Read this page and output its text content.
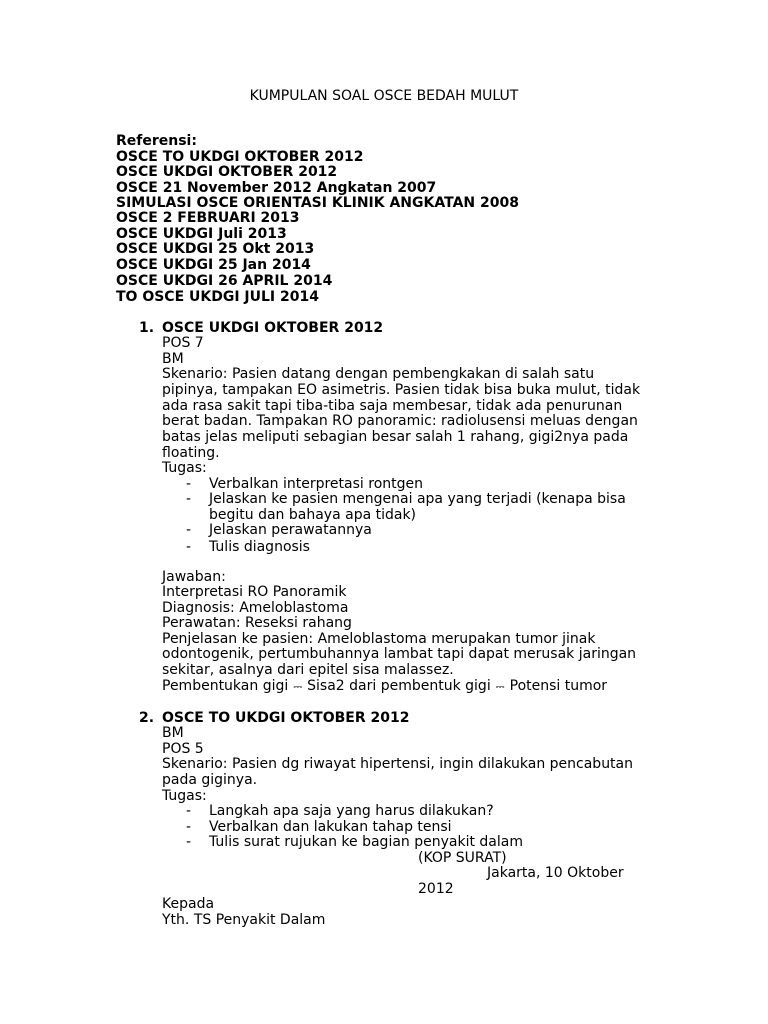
KUMPULAN SOAL OSCE BEDAH MULUT
Referensi:
OSCE TO UKDGI OKTOBER 2012
OSCE UKDGI OKTOBER 2012
OSCE 21 November 2012 Angkatan 2007
SIMULASI OSCE ORIENTASI KLINIK ANGKATAN 2008
OSCE 2 FEBRUARI 2013
OSCE UKDGI Juli 2013
OSCE UKDGI 25 Okt 2013
OSCE UKDGI 25 Jan 2014
OSCE UKDGI 26 APRIL 2014
TO OSCE UKDGI JULI 2014
1. OSCE UKDGI OKTOBER 2012
POS 7
BM
Skenario: Pasien datang dengan pembengkakan di salah satu
pipinya, tampakan EO asimetris. Pasien tidak bisa buka mulut, tidak
ada rasa sakit tapi tiba-tiba saja membesar, tidak ada penurunan
berat badan. Tampakan RO panoramic: radiolusensi meluas dengan
batas jelas meliputi sebagian besar salah 1 rahang, gigi2nya pada
floating.
Tugas:
- Verbalkan interpretasi rontgen
- Jelaskan ke pasien mengenai apa yang terjadi (kenapa bisa
begitu dan bahaya apa tidak)
- Jelaskan perawatannya
- Tulis diagnosis
Jawaban:
Interpretasi RO Panoramik
Diagnosis: Ameloblastoma
Perawatan: Reseksi rahang
Penjelasan ke pasien: Ameloblastoma merupakan tumor jinak
odontogenik, pertumbuhannya lambat tapi dapat merusak jaringan
sekitar, asalnya dari epitel sisa malassez.
Pembentukan gigi ⎓ Sisa2 dari pembentuk gigi ⎓ Potensi tumor
2. OSCE TO UKDGI OKTOBER 2012
BM
POS 5
Skenario: Pasien dg riwayat hipertensi, ingin dilakukan pencabutan
pada giginya.
Tugas:
- Langkah apa saja yang harus dilakukan?
- Verbalkan dan lakukan tahap tensi
- Tulis surat rujukan ke bagian penyakit dalam
(KOP SURAT)
Jakarta, 10 Oktober
2012
Kepada
Yth. TS Penyakit Dalam
